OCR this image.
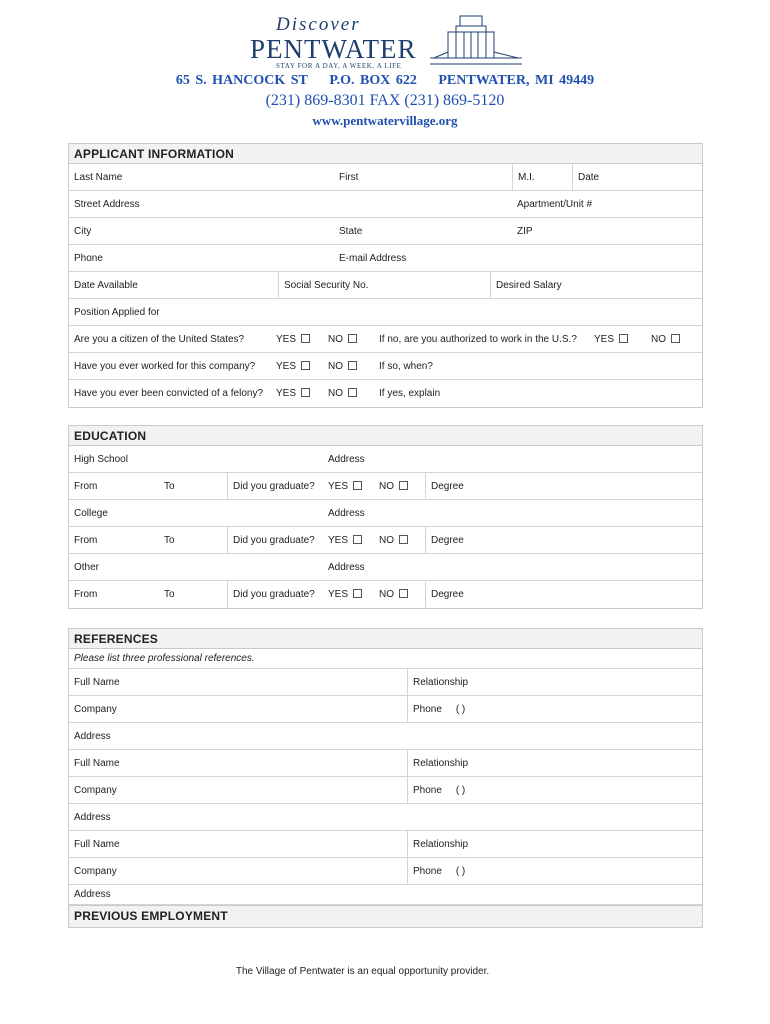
Discover
PENTWATER
STAY FOR A DAY, A WEEK, A LIFE
65 S. HANCOCK ST P.O. BOX 622 PENTWATER, MI 49449
(231) 869-8301 FAX (231) 869-5120
www.pentwatervillage.org
APPLICANT INFORMATION
Last Name	First	M.I.	Date
Street Address	Apartment/Unit #
City	State	ZIP
Phone	E-mail Address
Date Available	Social Security No.	Desired Salary
Position Applied for
Are you a citizen of the United States?	YES	NO	If no, are you authorized to work in the U.S.?	YES	NO
Have you ever worked for this company?	YES	NO	If so, when?
Have you ever been convicted of a felony?	YES	NO	If yes, explain
EDUCATION
High School	Address
From	To	Did you graduate?	YES	NO	Degree
College	Address
From	To	Did you graduate?	YES	NO	Degree
Other	Address
From	To	Did you graduate?	YES	NO	Degree
REFERENCES
Please list three professional references.
Full Name	Relationship
Company	Phone ( )
Address
Full Name	Relationship
Company	Phone ( )
Address
Full Name	Relationship
Company	Phone ( )
Address
PREVIOUS EMPLOYMENT
The Village of Pentwater is an equal opportunity provider.
